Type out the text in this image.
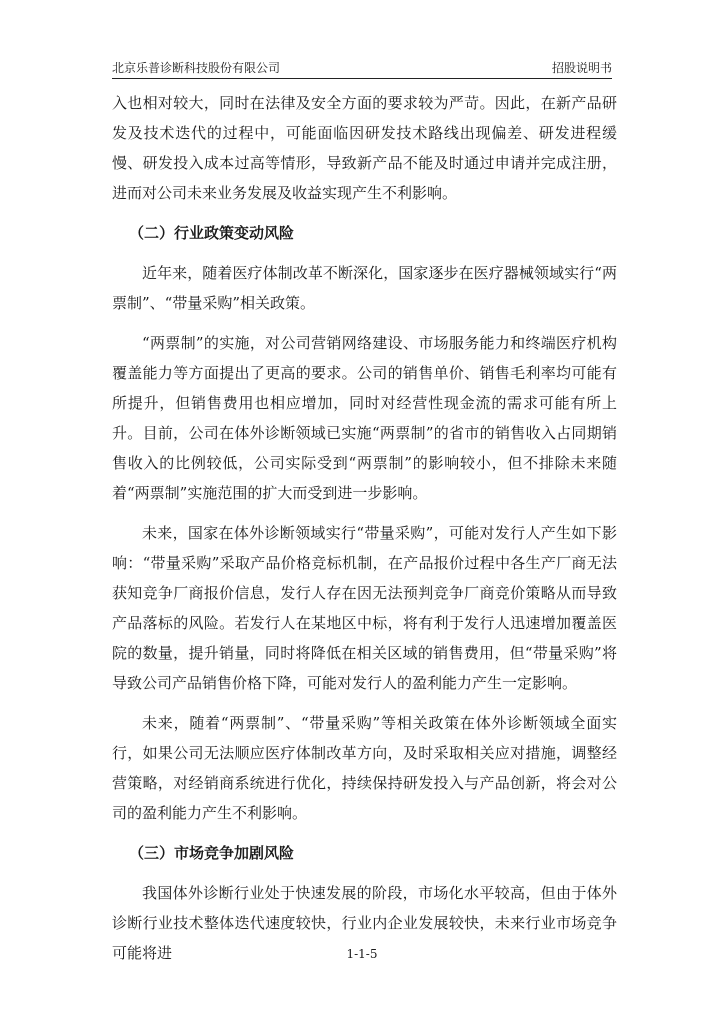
北京乐普诊断科技股份有限公司	招股说明书

入也相对较大，同时在法律及安全方面的要求较为严苛。因此，在新产品研发及技术迭代的过程中，可能面临因研发技术路线出现偏差、研发进程缓慢、研发投入成本过高等情形，导致新产品不能及时通过申请并完成注册，进而对公司未来业务发展及收益实现产生不利影响。

（二）行业政策变动风险

近年来，随着医疗体制改革不断深化，国家逐步在医疗器械领域实行“两票制”、“带量采购”相关政策。

“两票制”的实施，对公司营销网络建设、市场服务能力和终端医疗机构覆盖能力等方面提出了更高的要求。公司的销售单价、销售毛利率均可能有所提升，但销售费用也相应增加，同时对经营性现金流的需求可能有所上升。目前，公司在体外诊断领域已实施“两票制”的省市的销售收入占同期销售收入的比例较低，公司实际受到“两票制”的影响较小，但不排除未来随着“两票制”实施范围的扩大而受到进一步影响。

未来，国家在体外诊断领域实行“带量采购”，可能对发行人产生如下影响：“带量采购”采取产品价格竞标机制，在产品报价过程中各生产厂商无法获知竞争厂商报价信息，发行人存在因无法预判竞争厂商竞价策略从而导致产品落标的风险。若发行人在某地区中标，将有利于发行人迅速增加覆盖医院的数量，提升销量，同时将降低在相关区域的销售费用，但“带量采购”将导致公司产品销售价格下降，可能对发行人的盈利能力产生一定影响。

未来，随着“两票制”、“带量采购”等相关政策在体外诊断领域全面实行，如果公司无法顺应医疗体制改革方向，及时采取相关应对措施，调整经营策略，对经销商系统进行优化，持续保持研发投入与产品创新，将会对公司的盈利能力产生不利影响。

（三）市场竞争加剧风险

我国体外诊断行业处于快速发展的阶段，市场化水平较高，但由于体外诊断行业技术整体迭代速度较快，行业内企业发展较快，未来行业市场竞争可能将进	1-1-5
